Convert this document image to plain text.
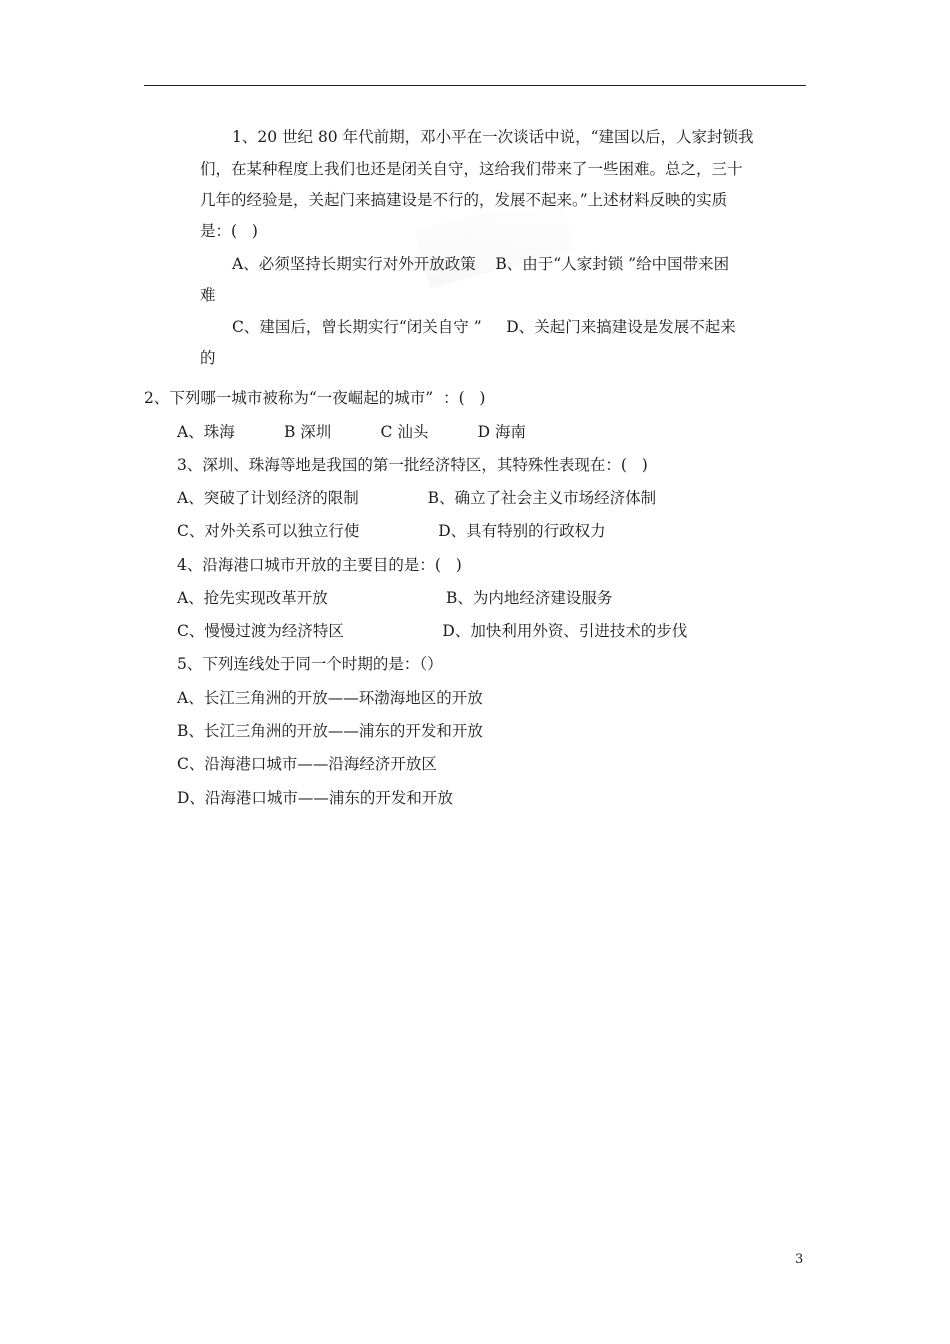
1、20 世纪 80 年代前期，邓小平在一次谈话中说，“建国以后，人家封锁我
们，在某种程度上我们也还是闭关自守，这给我们带来了一些困难。总之，三十
几年的经验是，关起门来搞建设是不行的，发展不起来。”上述材料反映的实质
是：(   )
A、必须坚持长期实行对外开放政策    B、由于“人家封锁 ”给中国带来困
难
C、建国后，曾长期实行“闭关自守 ”     D、关起门来搞建设是发展不起来
的
2、下列哪一城市被称为“一夜崛起的城市”  ：(   )
A、珠海          B 深圳          C 汕头          D 海南
3、深圳、珠海等地是我国的第一批经济特区，其特殊性表现在：(   )
A、突破了计划经济的限制              B、确立了社会主义市场经济体制
C、对外关系可以独立行使                D、具有特别的行政权力
4、沿海港口城市开放的主要目的是：(   )
A、抢先实现改革开放                        B、为内地经济建设服务
C、慢慢过渡为经济特区                    D、加快利用外资、引进技术的步伐
5、下列连线处于同一个时期的是：（）
A、长江三角洲的开放——环渤海地区的开放
B、长江三角洲的开放——浦东的开发和开放
C、沿海港口城市——沿海经济开放区
D、沿海港口城市——浦东的开发和开放
3
